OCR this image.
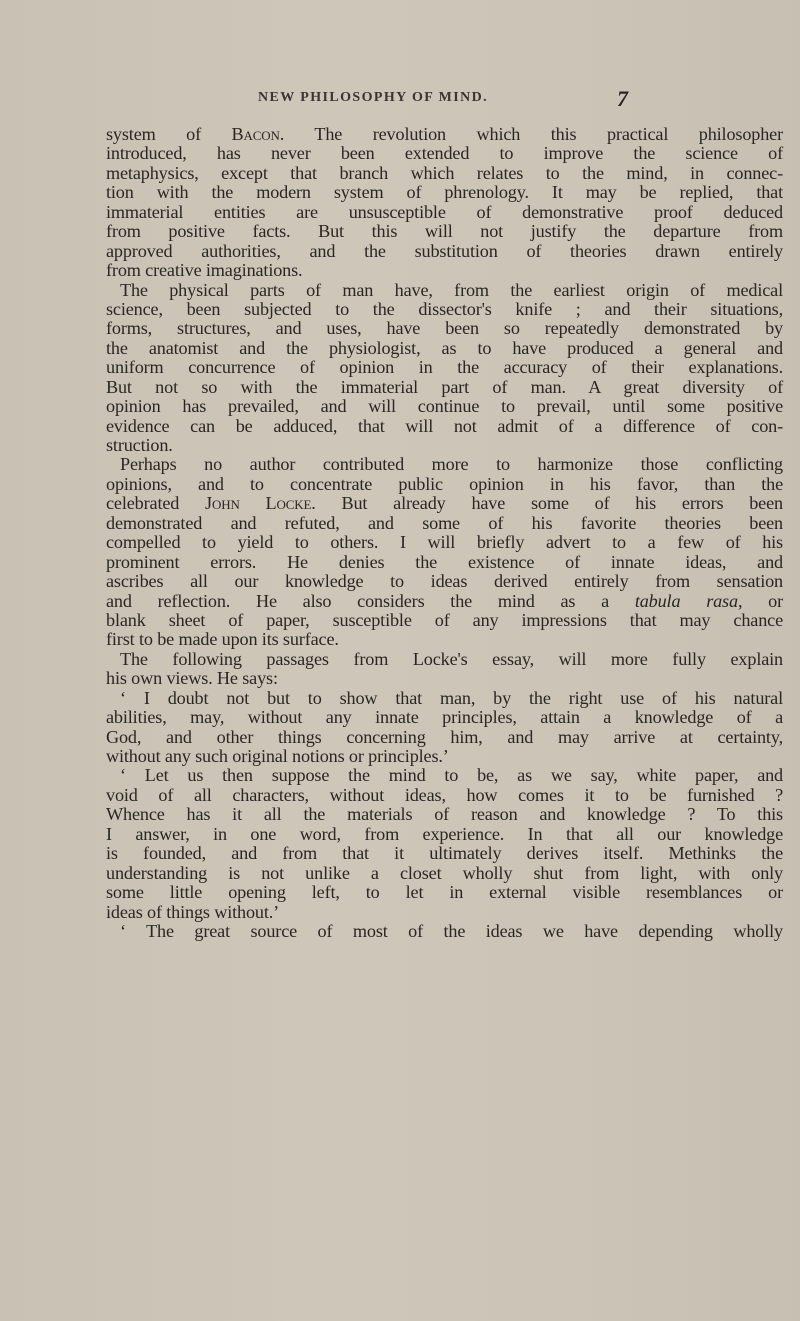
NEW PHILOSOPHY OF MIND.	7
system of Bacon. The revolution which this practical philosopher
introduced, has never been extended to improve the science of
metaphysics, except that branch which relates to the mind, in connec-
tion with the modern system of phrenology. It may be replied, that
immaterial entities are unsusceptible of demonstrative proof deduced
from positive facts. But this will not justify the departure from
approved authorities, and the substitution of theories drawn entirely
from creative imaginations.
The physical parts of man have, from the earliest origin of medical
science, been subjected to the dissector's knife ; and their situations,
forms, structures, and uses, have been so repeatedly demonstrated by
the anatomist and the physiologist, as to have produced a general and
uniform concurrence of opinion in the accuracy of their explanations.
But not so with the immaterial part of man. A great diversity of
opinion has prevailed, and will continue to prevail, until some positive
evidence can be adduced, that will not admit of a difference of con-
struction.
Perhaps no author contributed more to harmonize those conflicting
opinions, and to concentrate public opinion in his favor, than the
celebrated John Locke. But already have some of his errors been
demonstrated and refuted, and some of his favorite theories been
compelled to yield to others. I will briefly advert to a few of his
prominent errors. He denies the existence of innate ideas, and
ascribes all our knowledge to ideas derived entirely from sensation
and reflection. He also considers the mind as a tabula rasa, or
blank sheet of paper, susceptible of any impressions that may chance
first to be made upon its surface.
The following passages from Locke's essay, will more fully explain
his own views. He says:
‘ I doubt not but to show that man, by the right use of his natural
abilities, may, without any innate principles, attain a knowledge of a
God, and other things concerning him, and may arrive at certainty,
without any such original notions or principles.’
‘ Let us then suppose the mind to be, as we say, white paper, and
void of all characters, without ideas, how comes it to be furnished ?
Whence has it all the materials of reason and knowledge ? To this
I answer, in one word, from experience. In that all our knowledge
is founded, and from that it ultimately derives itself. Methinks the
understanding is not unlike a closet wholly shut from light, with only
some little opening left, to let in external visible resemblances or
ideas of things without.’
‘ The great source of most of the ideas we have depending wholly
